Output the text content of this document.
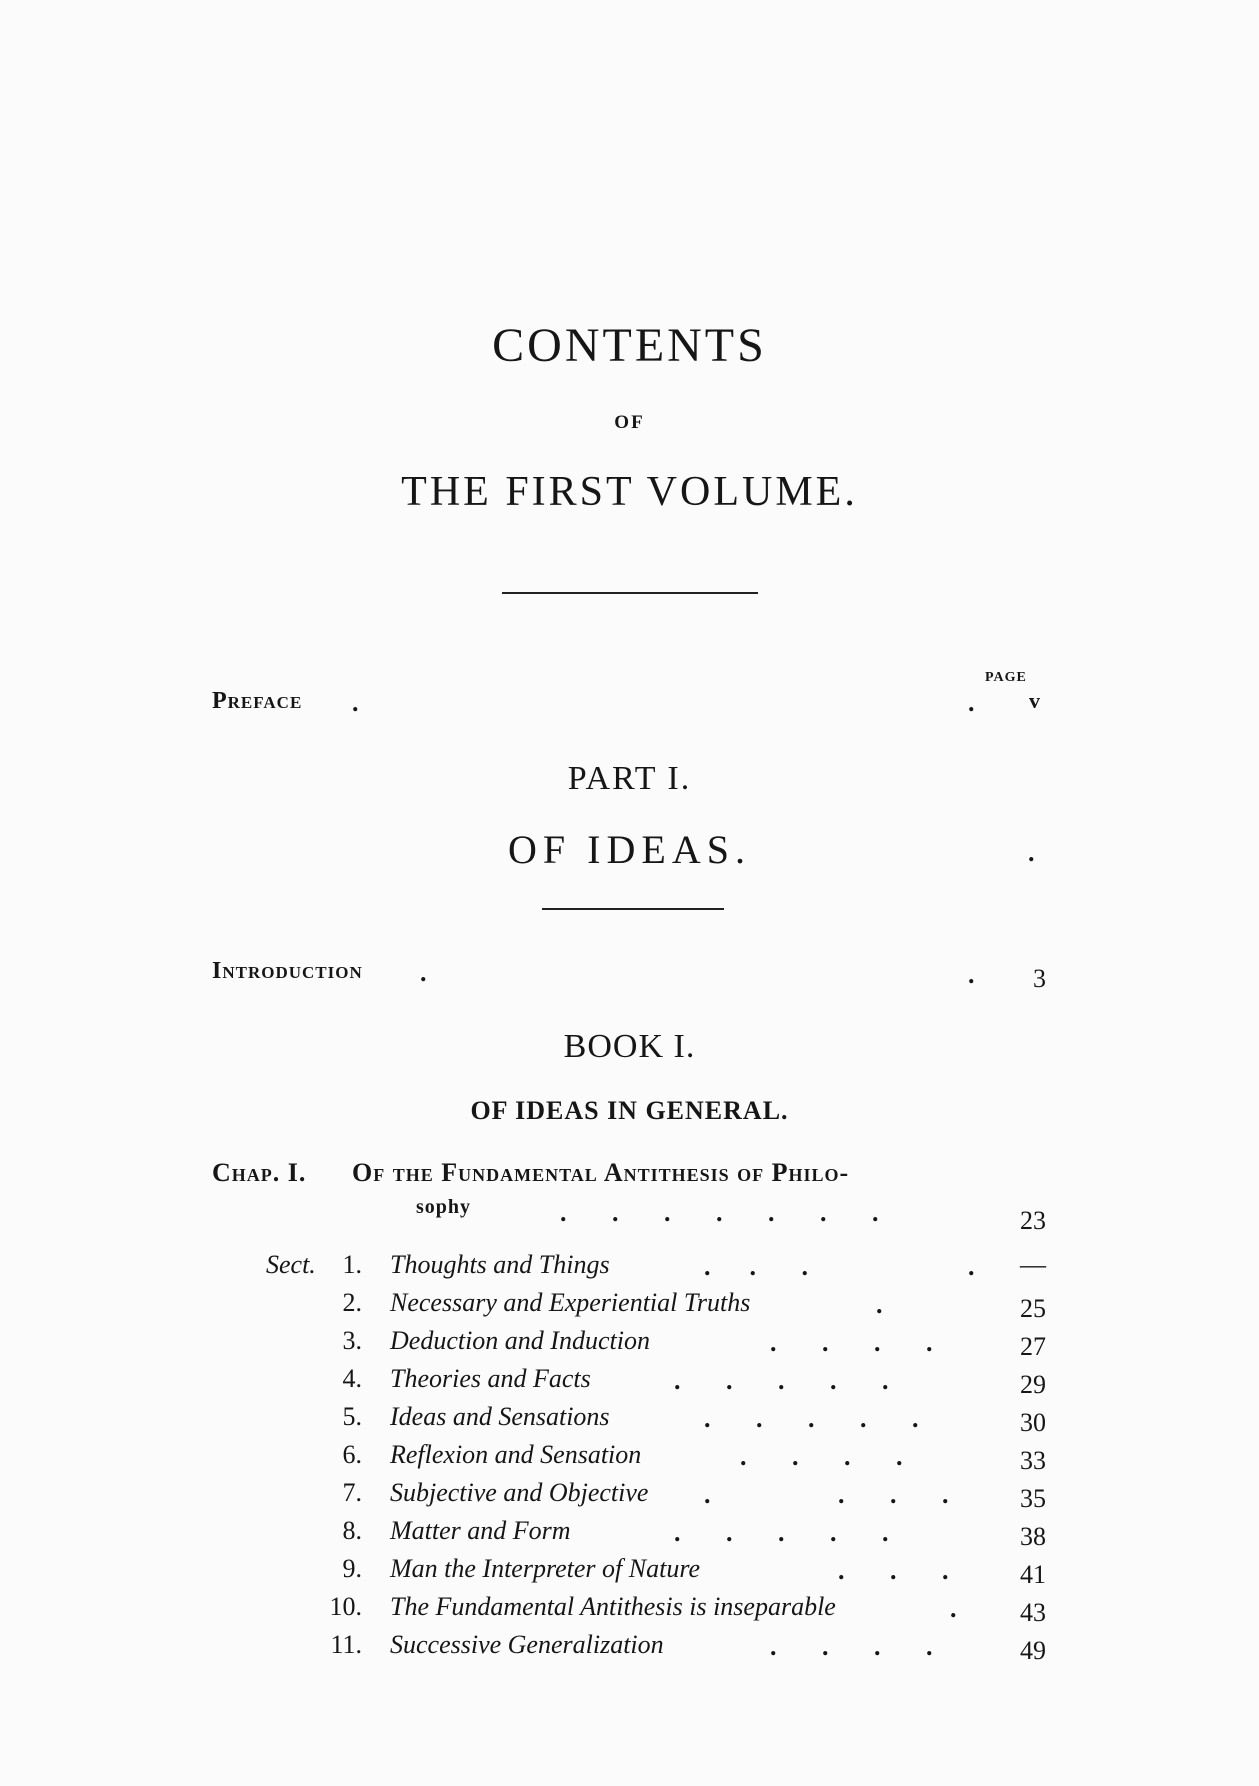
CONTENTS
OF
THE FIRST VOLUME.
PAGE
Preface .	.	v
PART I.
OF IDEAS.	.
Introduction .	.	3
BOOK I.
OF IDEAS IN GENERAL.
Chap. I. Of the Fundamental Antithesis of Philo-
sophy	.       .       .       .       .       .       .	23
Sect.	1. Thoughts and Things	.      .       .	.	—
2. Necessary and Experiential Truths	.	25
3. Deduction and Induction	.       .       .       .	27
4. Theories and Facts	.       .       .       .       .	29
5. Ideas and Sensations	.       .       .       .       .	30
6. Reflexion and Sensation	.       .       .       .	33
7. Subjective and Objective .	.       .       .	35
8. Matter and Form	.       .       .       .       .	38
9. Man the Interpreter of Nature	.       .       .	41
10. The Fundamental Antithesis is inseparable	.	43
11. Successive Generalization	.       .       .       .	49
